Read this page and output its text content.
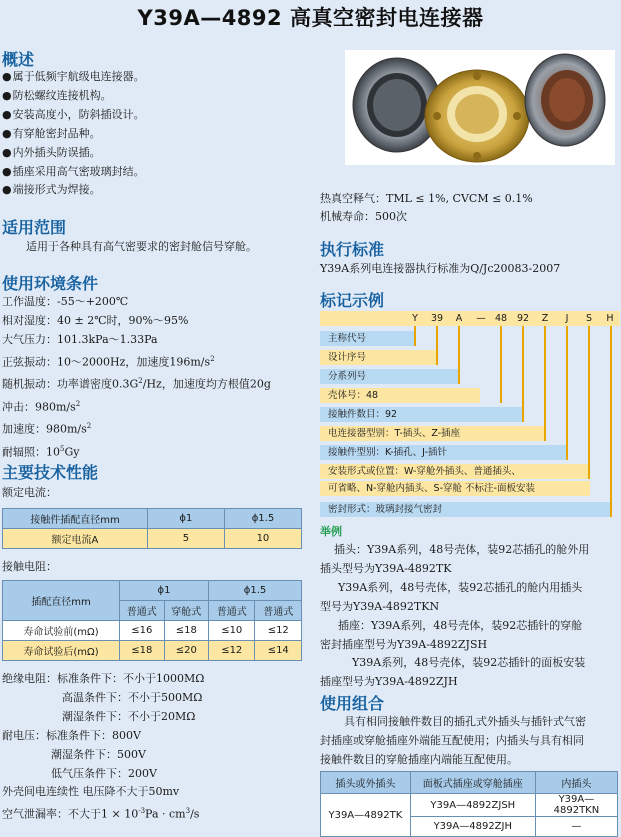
Y39A—4892 高真空密封电连接器
概述
● 属于低频宇航级电连接器。
● 防松螺纹连接机构。
● 安装高度小，防斜插设计。
● 有穿舱密封品种。
● 内外插头防误插。
● 插座采用高气密玻璃封结。
● 端接形式为焊接。
适用范围
适用于各种具有高气密要求的密封舱信号穿舱。
使用环境条件
工作温度：-55～+200℃
相对湿度：40 ± 2℃时，90%～95%
大气压力：101.3kPa～1.33Pa
正弦振动：10～2000Hz，加速度$196m/s^2$
随机振动：功率谱密度$0.3G^2/Hz$，加速度均方根值20g
冲击：$980m/s^2$
加速度：$980m/s^2$
耐辐照：$10^5Gy$
主要技术性能
额定电流：
接触件插配直径mm	ϕ1	ϕ1.5
额定电流A	5	10
接触电阻：
插配直径mm	ϕ1		ϕ1.5	
	普通式	穿舱式	普通式	普通式
寿命试验前(mΩ)	≤16	≤18	≤10	≤12
寿命试验后(mΩ)	≤18	≤20	≤12	≤14
绝缘电阻：标准条件下：不小于1000MΩ
高温条件下：不小于500MΩ
潮湿条件下：不小于20MΩ
耐电压：标准条件下：800V
潮湿条件下：500V
低气压条件下：200V
外壳间电连续性 电压降不大于50mv
空气泄漏率：不大于$1 \times 10^{-3}Pa \cdot cm^3/s$
热真空释气：TML ≤ 1%, CVCM ≤ 0.1%
机械寿命：500次
执行标准
Y39A系列电连接器执行标准为Q/Jc20083-2007
标记示例
Y	39	A	— 48	92	Z	J	S	H
主称代号
设计序号
分系列号
壳体号：48
接触件数目：92
电连接器型别：T-插头、Z-插座
接触件型别：K-插孔、J-插针
安装形式或位置：W-穿舱外插头、普通插头、
可省略、N-穿舱内插头、S-穿舱 不标注-面板安装
密封形式：玻璃封接气密封
举例
插头：Y39A系列，48号壳体，装92芯插孔的舱外用
插头型号为Y39A-4892TK
Y39A系列，48号壳体，装92芯插孔的舱内用插头
型号为Y39A-4892TKN
插座：Y39A系列，48号壳体，装92芯插针的穿舱
密封插座型号为Y39A-4892ZJSH
Y39A系列，48号壳体，装92芯插针的面板安装
插座型号为Y39A-4892ZJH
使用组合
具有相同接触件数目的插孔式外插头与插针式气密
封插座或穿舱插座外端能互配使用；内插头与具有相同
接触件数目的穿舱插座内端能互配使用。
插头或外插头	面板式插座或穿舱插座	内插头
Y39A—4892TK	Y39A—4892ZJSH	Y39A—4892TKN
	Y39A—4892ZJH	—
